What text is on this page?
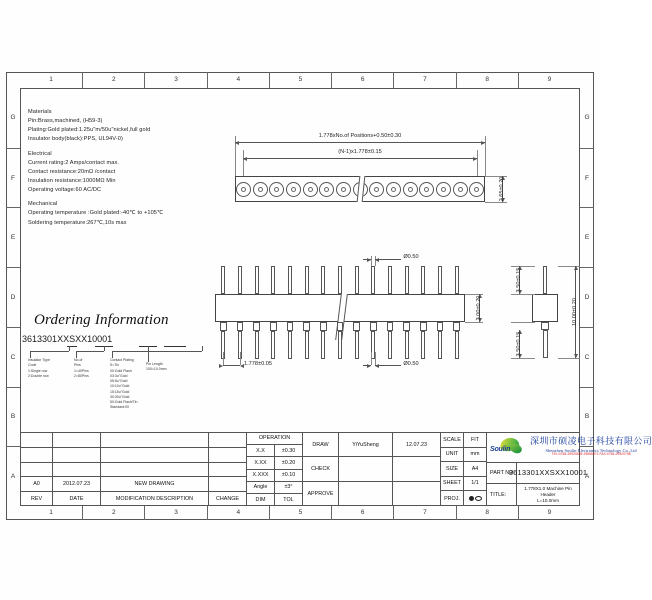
1	2	3	4	5	6	7	8	9
1	2	3	4	5	6	7	8	9
G
F
E
D
C
B
A
G
F
E
D
C
B
A
Materials
Pin:Brass,machined, (H59-3)
Plating:Gold plated:1.25u"m/50u"nickel,full gold
Insulator body(black):PPS, UL94V-0)
Electrical
Current rating:2 Amps/contact max.
Contact resistance:20mΩ /contact
Insulation resistance:1000MΩ Min
Operating voltage:60 AC/DC
Mechanical
Operating temperature :Gold plated:-40℃ to +105℃
Soldering temperature:267℃,10s max
Ordering Information
3613301
XX
SXX
100
01
Insulator Type
Code
1:Single row
2:Double row
No.of
Pins
1=40Pins
2=80Pins
Contact Plating
S=Tin
00:Gold Flash
03:3u"Gold
05:5u"Gold
10:10u"Gold
15:15u"Gold
30:30u"Gold
50:Gold Flash/Tin
Standard:00
Pin Length
100=10.0mm
1.778xNo.of Positions+0.50±0.30
(N-1)x1.778±0.15
2.65±0.20
Ø0.50
Ø0.50
1.778±0.05
3.00±0.20
3.50±0.15
3.50±0.15
10.00±0.20
A0	2012.07.23	NEW DRAWING
REV	DATE	MODIFICATION DESCRIPTION	CHANGE
OPERATION
X.X	±0.30
X.XX	±0.20
X.XXX	±0.10
Angle	±3°
DIM	TOL
DRAW	YiYuSheng	12.07.23
CHECK
APPROVE
SCALE	FIT
UNIT	mm
SIZE	A4
SHEET	1/1
PROJ.
Soulin
深圳市硕凌电子科技有限公司
Shenzhen Soulin Electronics Technology Co.,Ltd
TEL:0755-29920695 29856571 FAX:0755-29920798
PART NO.
3613301XXSXX10001
TITLE:
1.778X1.0 Machine Pin Header
L=10.0mm
